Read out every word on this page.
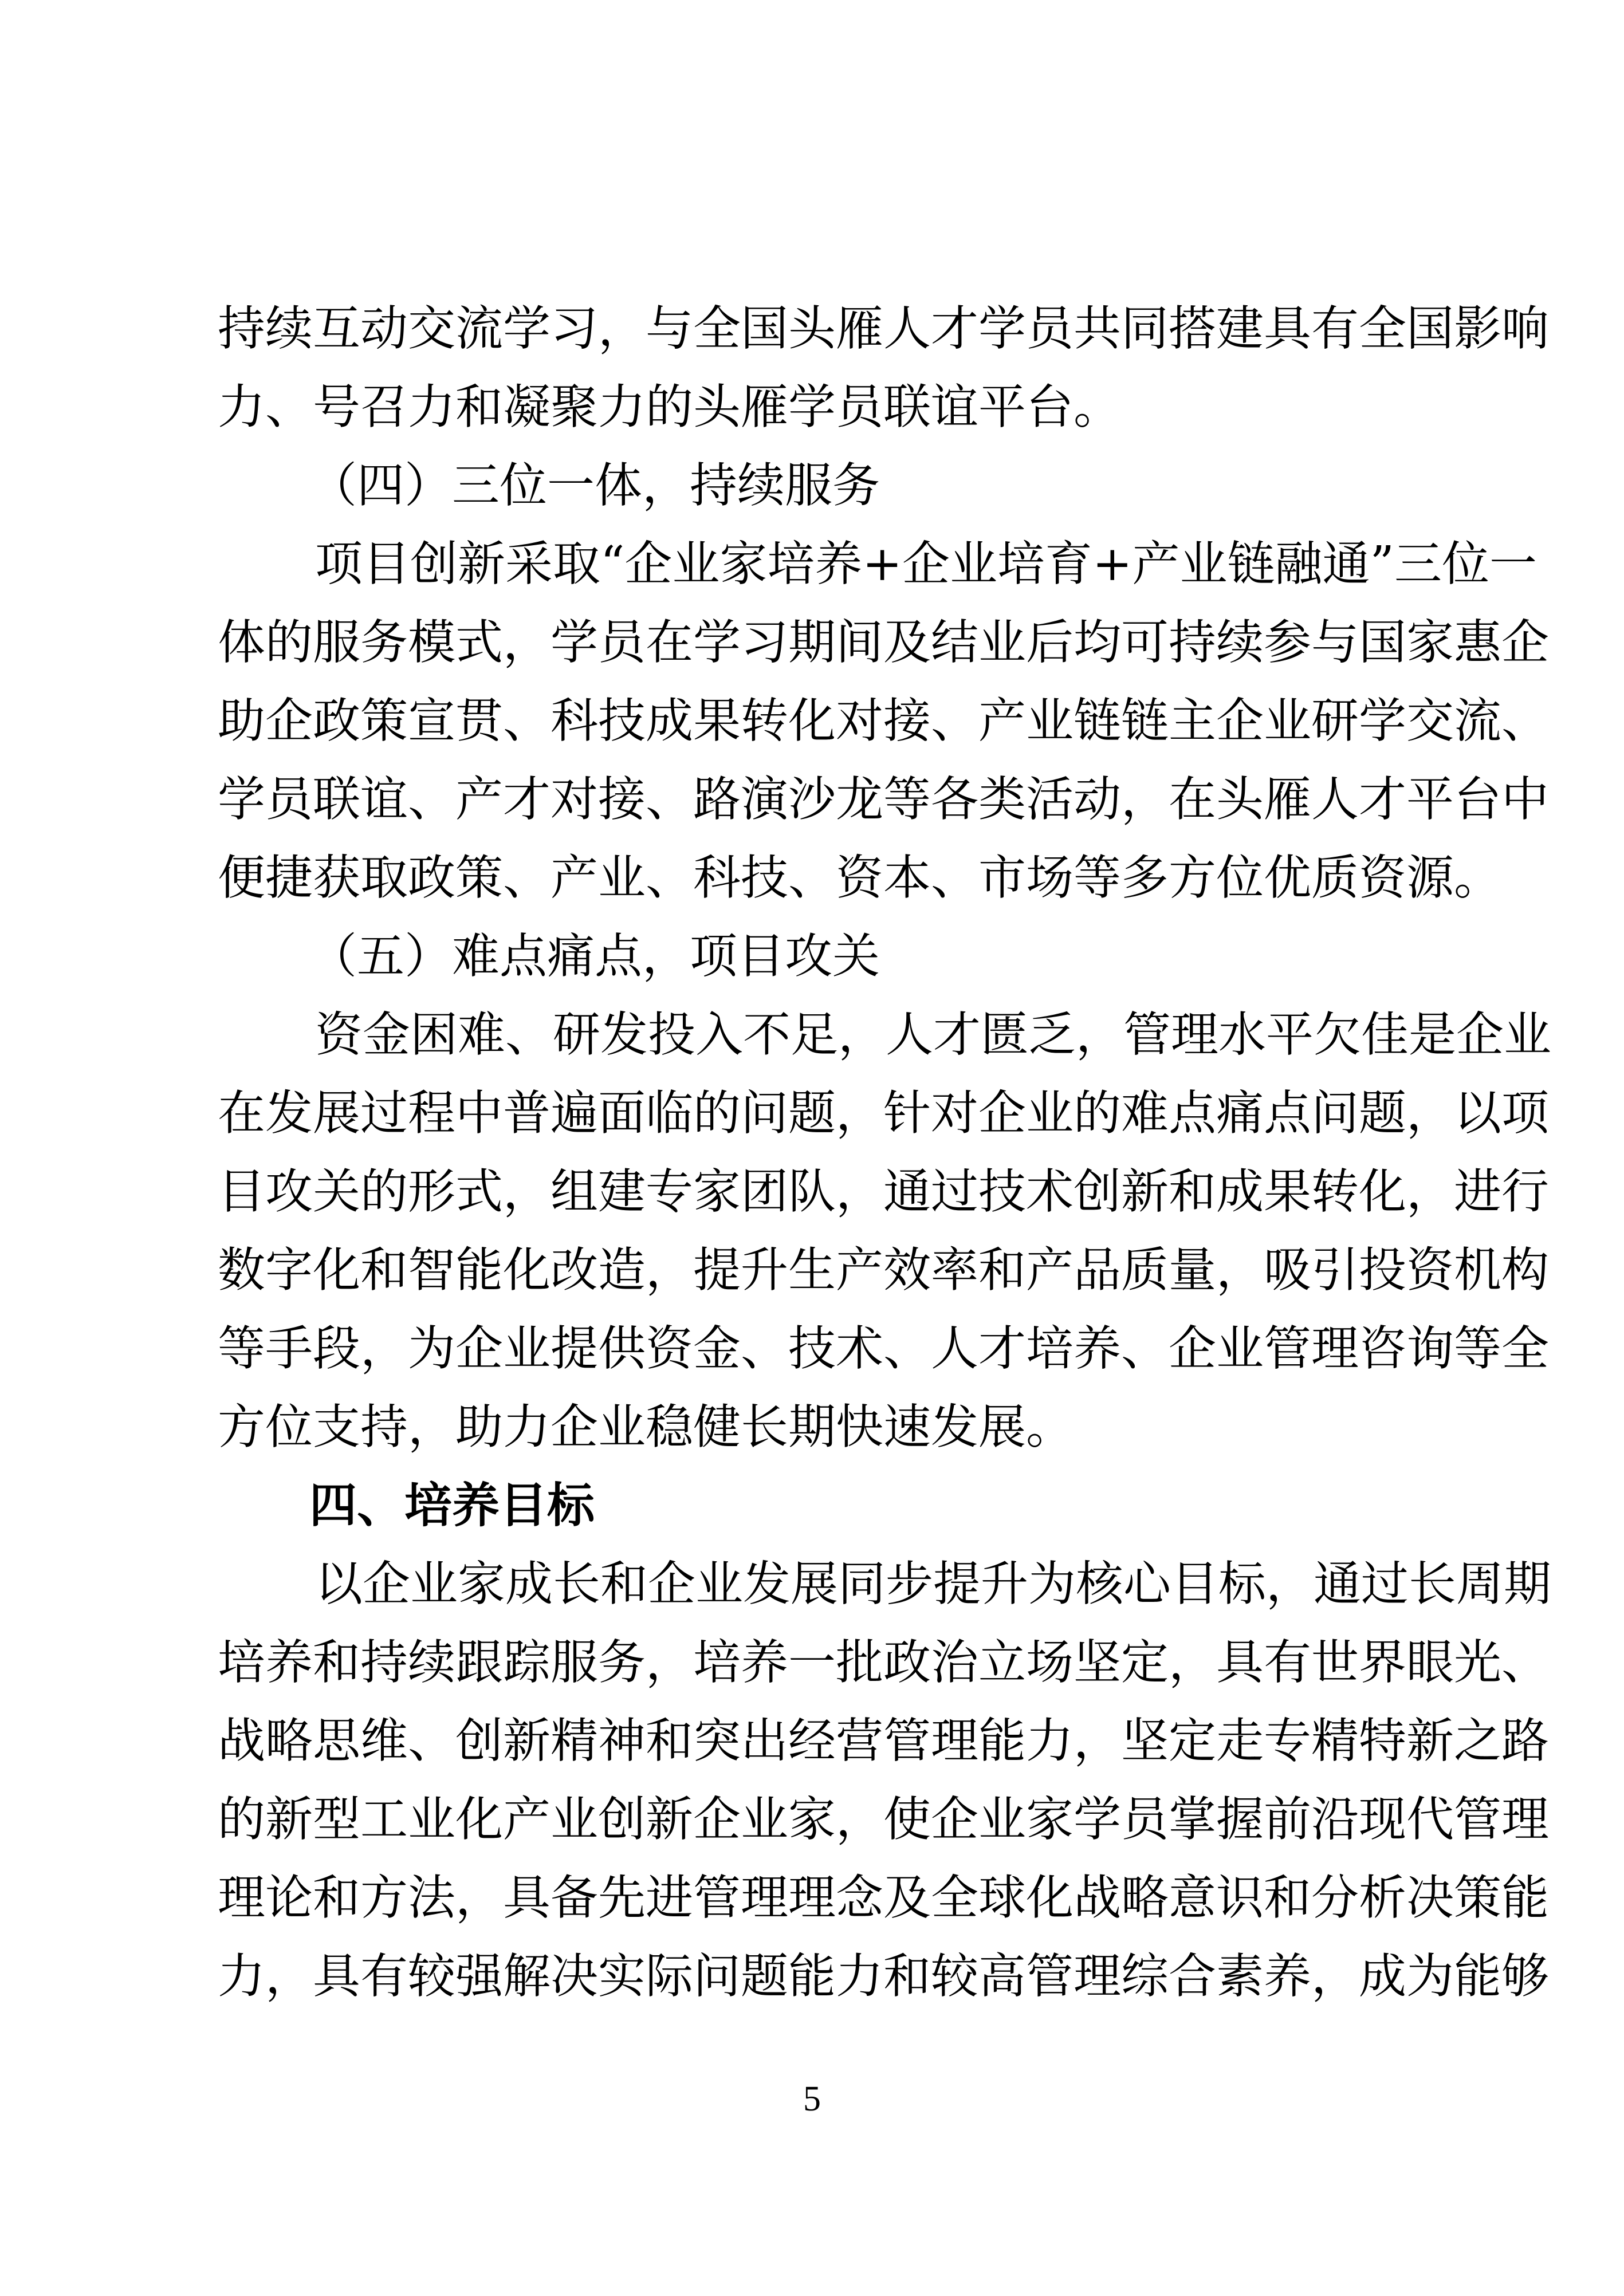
持续互动交流学习，与全国头雁人才学员共同搭建具有全国影响
力、号召力和凝聚力的头雁学员联谊平台。
（四）三位一体，持续服务
项目创新采取“企业家培养+企业培育+产业链融通”三位一
体的服务模式，学员在学习期间及结业后均可持续参与国家惠企
助企政策宣贯、科技成果转化对接、产业链链主企业研学交流、
学员联谊、产才对接、路演沙龙等各类活动，在头雁人才平台中
便捷获取政策、产业、科技、资本、市场等多方位优质资源。
（五）难点痛点，项目攻关
资金困难、研发投入不足，人才匮乏，管理水平欠佳是企业
在发展过程中普遍面临的问题，针对企业的难点痛点问题，以项
目攻关的形式，组建专家团队，通过技术创新和成果转化，进行
数字化和智能化改造，提升生产效率和产品质量，吸引投资机构
等手段，为企业提供资金、技术、人才培养、企业管理咨询等全
方位支持，助力企业稳健长期快速发展。
四、培养目标
以企业家成长和企业发展同步提升为核心目标，通过长周期
培养和持续跟踪服务，培养一批政治立场坚定，具有世界眼光、
战略思维、创新精神和突出经营管理能力，坚定走专精特新之路
的新型工业化产业创新企业家，使企业家学员掌握前沿现代管理
理论和方法，具备先进管理理念及全球化战略意识和分析决策能
力，具有较强解决实际问题能力和较高管理综合素养，成为能够
5
